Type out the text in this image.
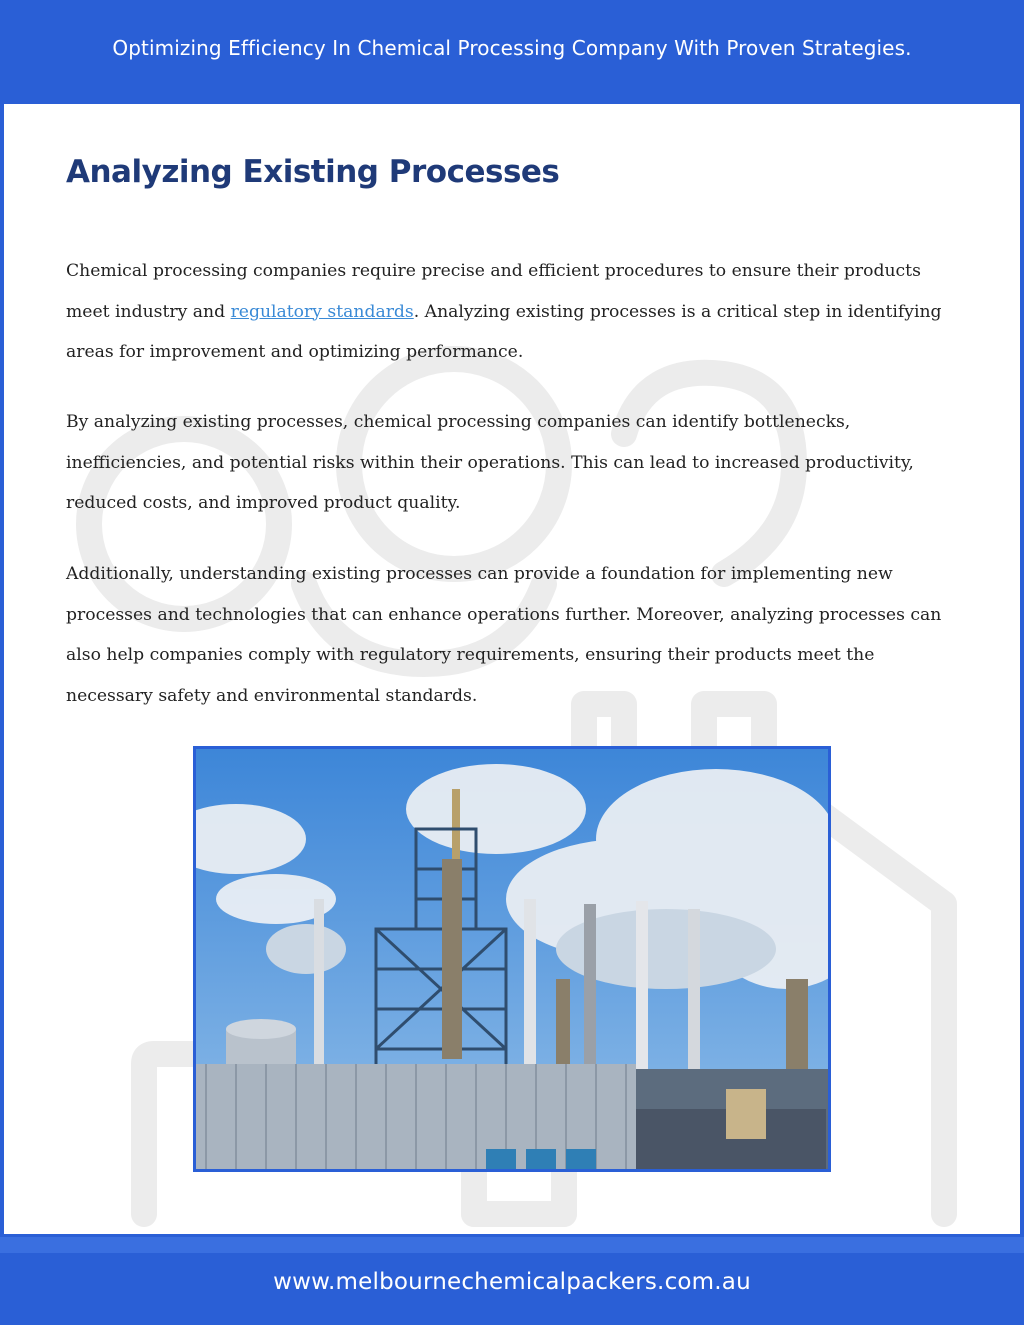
Optimizing Efficiency In Chemical Processing Company With Proven Strategies.
Analyzing Existing Processes

Chemical processing companies require precise and efficient procedures to ensure their products meet industry and regulatory standards. Analyzing existing processes is a critical step in identifying areas for improvement and optimizing performance.

By analyzing existing processes, chemical processing companies can identify bottlenecks, inefficiencies, and potential risks within their operations. This can lead to increased productivity, reduced costs, and improved product quality.

Additionally, understanding existing processes can provide a foundation for implementing new processes and technologies that can enhance operations further. Moreover, analyzing processes can also help companies comply with regulatory requirements, ensuring their products meet the necessary safety and environmental standards.

www.melbournechemicalpackers.com.au
